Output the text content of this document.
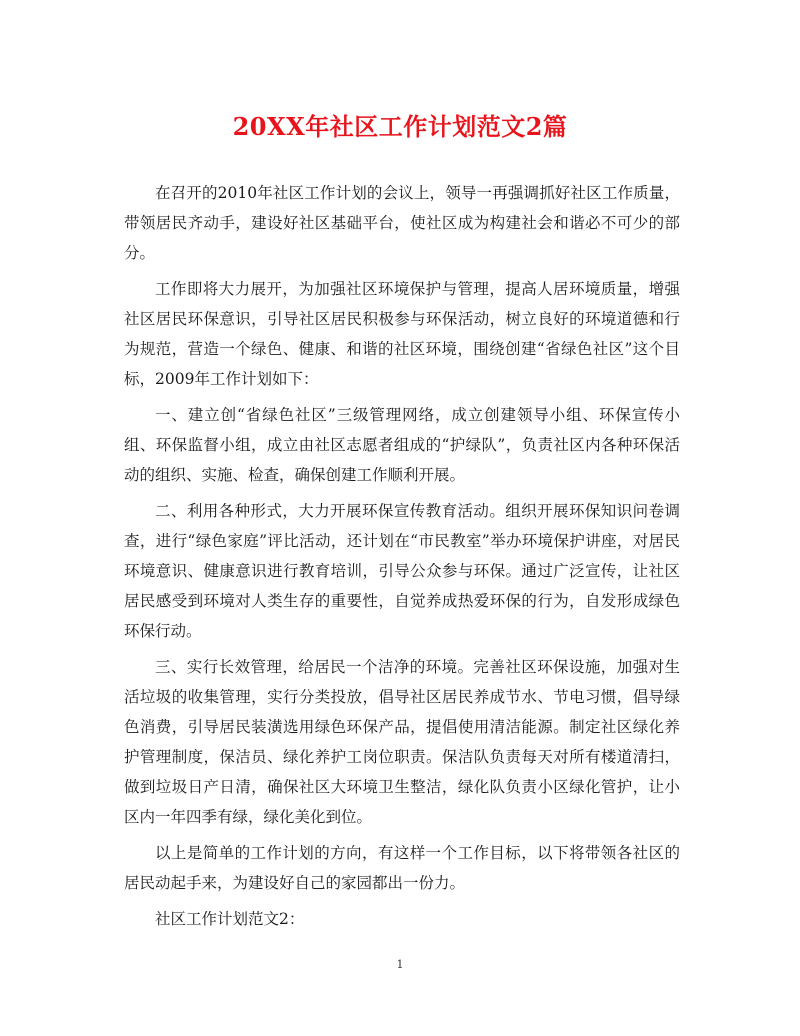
20XX年社区工作计划范文2篇

在召开的2010年社区工作计划的会议上，领导一再强调抓好社区工作质量，带领居民齐动手，建设好社区基础平台，使社区成为构建社会和谐必不可少的部分。

工作即将大力展开，为加强社区环境保护与管理，提高人居环境质量，增强社区居民环保意识，引导社区居民积极参与环保活动，树立良好的环境道德和行为规范，营造一个绿色、健康、和谐的社区环境，围绕创建“省绿色社区”这个目标，2009年工作计划如下：

一、建立创“省绿色社区”三级管理网络，成立创建领导小组、环保宣传小组、环保监督小组，成立由社区志愿者组成的“护绿队”，负责社区内各种环保活动的组织、实施、检查，确保创建工作顺利开展。

二、利用各种形式，大力开展环保宣传教育活动。组织开展环保知识问卷调查，进行“绿色家庭”评比活动，还计划在“市民教室”举办环境保护讲座，对居民环境意识、健康意识进行教育培训，引导公众参与环保。通过广泛宣传，让社区居民感受到环境对人类生存的重要性，自觉养成热爱环保的行为，自发形成绿色环保行动。

三、实行长效管理，给居民一个洁净的环境。完善社区环保设施，加强对生活垃圾的收集管理，实行分类投放，倡导社区居民养成节水、节电习惯，倡导绿色消费，引导居民装潢选用绿色环保产品，提倡使用清洁能源。制定社区绿化养护管理制度，保洁员、绿化养护工岗位职责。保洁队负责每天对所有楼道清扫，做到垃圾日产日清，确保社区大环境卫生整洁，绿化队负责小区绿化管护，让小区内一年四季有绿，绿化美化到位。

以上是简单的工作计划的方向，有这样一个工作目标，以下将带领各社区的居民动起手来，为建设好自己的家园都出一份力。

社区工作计划范文2：

1
